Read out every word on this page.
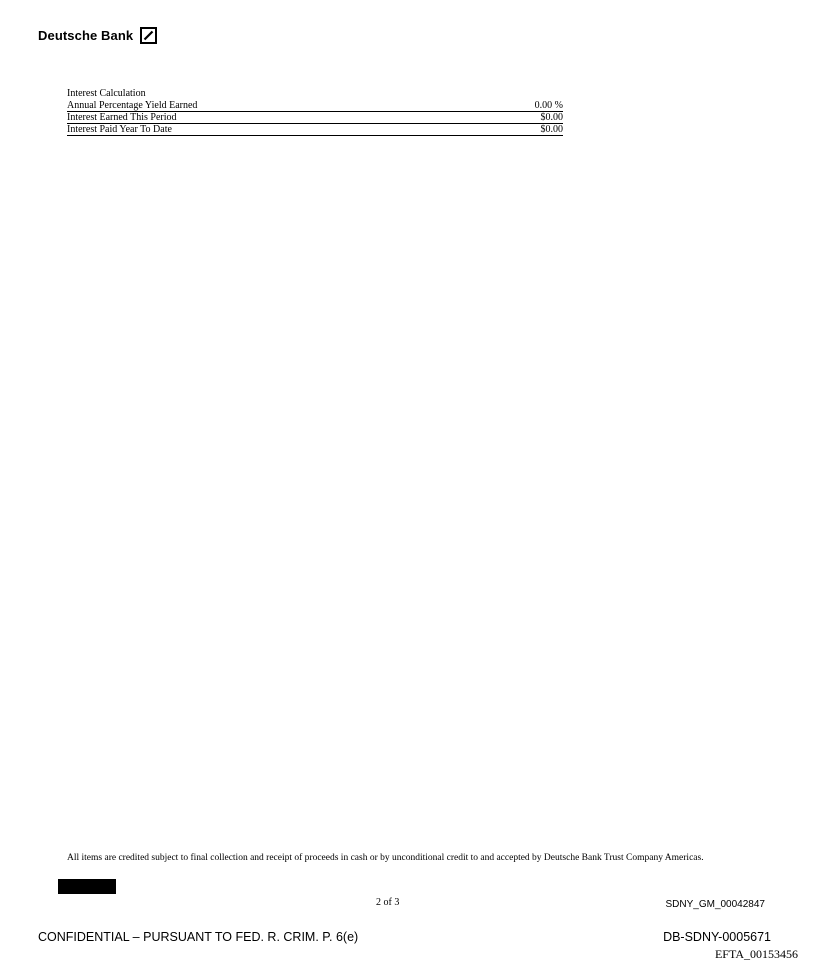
Deutsche Bank
Interest Calculation
Annual Percentage Yield Earned	0.00 %
Interest Earned This Period	$0.00
Interest Paid Year To Date	$0.00
All items are credited subject to final collection and receipt of proceeds in cash or by unconditional credit to and accepted by Deutsche Bank Trust Company Americas.
2 of 3	SDNY_GM_00042847
CONFIDENTIAL – PURSUANT TO FED. R. CRIM. P. 6(e)	DB-SDNY-0005671
EFTA_00153456
